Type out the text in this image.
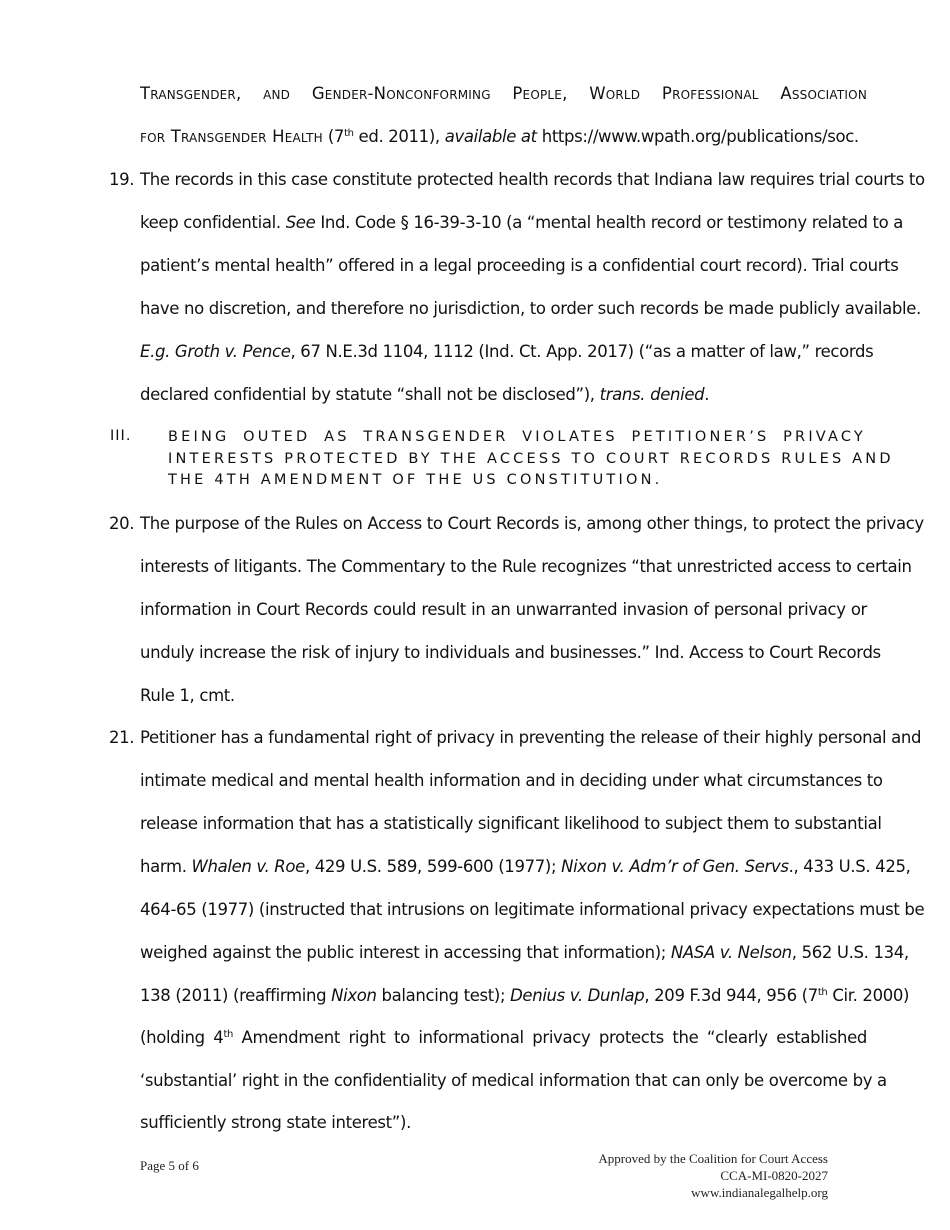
Transgender, and Gender-Nonconforming People, World Professional Association
for Transgender Health (7th ed. 2011), available at https://www.wpath.org/publications/soc.
19. The records in this case constitute protected health records that Indiana law requires trial courts to
keep confidential. See Ind. Code § 16-39-3-10 (a “mental health record or testimony related to a
patient’s mental health” offered in a legal proceeding is a confidential court record). Trial courts
have no discretion, and therefore no jurisdiction, to order such records be made publicly available.
E.g. Groth v. Pence, 67 N.E.3d 1104, 1112 (Ind. Ct. App. 2017) (“as a matter of law,” records
declared confidential by statute “shall not be disclosed”), trans. denied.
III.	BEING OUTED AS TRANSGENDER VIOLATES PETITIONER’S PRIVACY
INTERESTS PROTECTED BY THE ACCESS TO COURT RECORDS RULES AND
THE 4TH AMENDMENT OF THE US CONSTITUTION.
20. The purpose of the Rules on Access to Court Records is, among other things, to protect the privacy
interests of litigants. The Commentary to the Rule recognizes “that unrestricted access to certain
information in Court Records could result in an unwarranted invasion of personal privacy or
unduly increase the risk of injury to individuals and businesses.” Ind. Access to Court Records
Rule 1, cmt.
21. Petitioner has a fundamental right of privacy in preventing the release of their highly personal and
intimate medical and mental health information and in deciding under what circumstances to
release information that has a statistically significant likelihood to subject them to substantial
harm. Whalen v. Roe, 429 U.S. 589, 599-600 (1977); Nixon v. Adm’r of Gen. Servs., 433 U.S. 425,
464-65 (1977) (instructed that intrusions on legitimate informational privacy expectations must be
weighed against the public interest in accessing that information); NASA v. Nelson, 562 U.S. 134,
138 (2011) (reaffirming Nixon balancing test); Denius v. Dunlap, 209 F.3d 944, 956 (7th Cir. 2000)
(holding 4th Amendment right to informational privacy protects the “clearly established
‘substantial’ right in the confidentiality of medical information that can only be overcome by a
sufficiently strong state interest”).
Page 5 of 6	Approved by the Coalition for Court Access
CCA-MI-0820-2027
www.indianalegalhelp.org
